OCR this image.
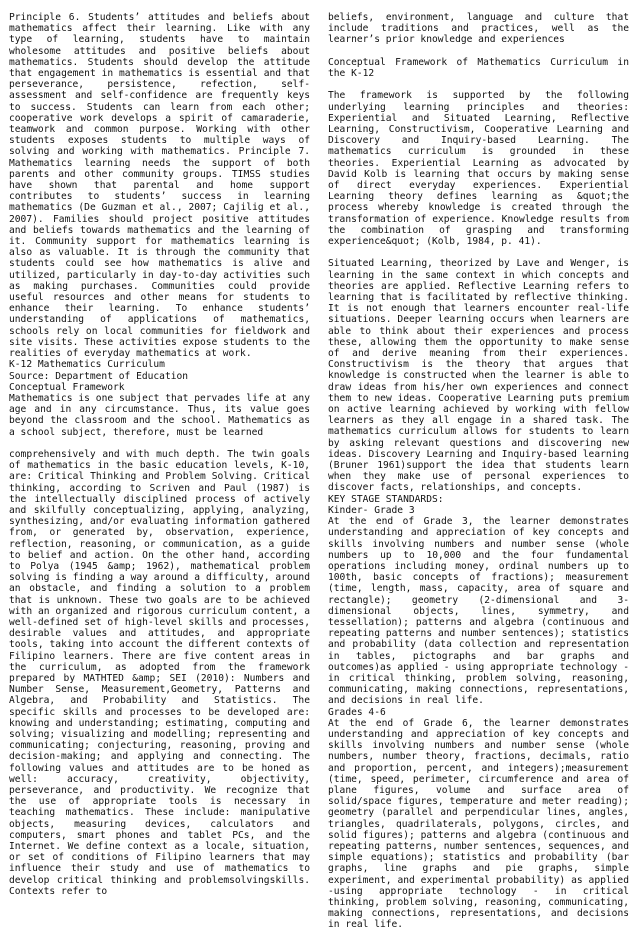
Principle 6. Students’ attitudes and beliefs about mathematics affect their learning. Like with any type of learning, students have to maintain wholesome attitudes and positive beliefs about mathematics. Students should develop the attitude that engagement in mathematics is essential and that perseverance, persistence, refection, self-assessment and self-confidence are frequently keys to success. Students can learn from each other; cooperative work develops a spirit of camaraderie, teamwork and common purpose. Working with other students exposes students to multiple ways of solving and working with mathematics. Principle 7. Mathematics learning needs the support of both parents and other community groups. TIMSS studies have shown that parental and home support contributes to students’ success in learning mathematics (De Guzman et al., 2007; Cajilig et al., 2007). Families should project positive attitudes and beliefs towards mathematics and the learning of it. Community support for mathematics learning is also as valuable. It is through the community that students could see how mathematics is alive and utilized, particularly in day-to-day activities such as making purchases. Communities could provide useful resources and other means for students to enhance their learning. To enhance students’ understanding of applications of mathematics, schools rely on local communities for fieldwork and site visits. These activities expose students to the realities of everyday mathematics at work.

K-12 Mathematics Curriculum

Source: Department of Education

Conceptual Framework

Mathematics is one subject that pervades life at any age and in any circumstance. Thus, its value goes beyond the classroom and the school. Mathematics as a school subject, therefore, must be learned

comprehensively and with much depth. The twin goals of mathematics in the basic education levels, K-10, are: Critical Thinking and Problem Solving. Critical thinking, according to Scriven and Paul (1987) is the intellectually disciplined process of actively and skilfully conceptualizing, applying, analyzing, synthesizing, and/or evaluating information gathered from, or generated by, observation, experience, reflection, reasoning, or communication, as a guide to belief and action. On the other hand, according to Polya (1945 &amp; 1962), mathematical problem solving is finding a way around a difficulty, around an obstacle, and finding a solution to a problem that is unknown. These two goals are to be achieved with an organized and rigorous curriculum content, a well-defined set of high-level skills and processes, desirable values and attitudes, and appropriate tools, taking into account the different contexts of Filipino learners. There are five content areas in the curriculum, as adopted from the framework prepared by MATHTED &amp; SEI (2010): Numbers and Number Sense, Measurement,Geometry, Patterns and Algebra, and Probability and Statistics. The specific skills and processes to be developed are: knowing and understanding; estimating, computing and solving; visualizing and modelling; representing and communicating; conjecturing, reasoning, proving and decision-making; and applying and connecting. The following values and attitudes are to be honed as well: accuracy, creativity, objectivity, perseverance, and productivity. We recognize that the use of appropriate tools is necessary in teaching mathematics. These include: manipulative objects, measuring devices, calculators and computers, smart phones and tablet PCs, and the Internet. We define context as a locale, situation, or set of conditions of Filipino learners that may influence their study and use of mathematics to develop critical thinking and problemsolvingskills. Contexts refer to

beliefs, environment, language and culture that include traditions and practices, well as the learner’s prior knowledge and experiences

Conceptual Framework of Mathematics Curriculum in the K-12

The framework is supported by the following underlying learning principles and theories: Experiential and Situated Learning, Reflective Learning, Constructivism, Cooperative Learning and Discovery and Inquiry-based Learning. The mathematics curriculum is grounded in these theories. Experiential Learning as advocated by David Kolb is learning that occurs by making sense of direct everyday experiences. Experiential Learning theory defines learning as &quot;the process whereby knowledge is created through the transformation of experience. Knowledge results from the combination of grasping and transforming experience&quot; (Kolb, 1984, p. 41).

Situated Learning, theorized by Lave and Wenger, is learning in the same context in which concepts and theories are applied. Reflective Learning refers to learning that is facilitated by reflective thinking. It is not enough that learners encounter real-life situations. Deeper learning occurs when learners are able to think about their experiences and process these, allowing them the opportunity to make sense of and derive meaning from their experiences. Constructivism is the theory that argues that knowledge is constructed when the learner is able to draw ideas from his/her own experiences and connect them to new ideas. Cooperative Learning puts premium on active learning achieved by working with fellow learners as they all engage in a shared task. The mathematics curriculum allows for students to learn by asking relevant questions and discovering new ideas. Discovery Learning and Inquiry-based learning (Bruner 1961)support the idea that students learn when they make use of personal experiences to discover facts, relationships, and concepts.

KEY STAGE STANDARDS:

Kinder- Grade 3

At the end of Grade 3, the learner demonstrates understanding and appreciation of key concepts and skills involving numbers and number sense (whole numbers up to 10,000 and the four fundamental operations including money, ordinal numbers up to 100th, basic concepts of fractions); measurement (time, length, mass, capacity, area of square and rectangle); geometry (2-dimensional and 3-dimensional objects, lines, symmetry, and tessellation); patterns and algebra (continuous and repeating patterns and number sentences); statistics and probability (data collection and representation in tables, pictographs and bar graphs and outcomes)as applied - using appropriate technology - in critical thinking, problem solving, reasoning, communicating, making connections, representations, and decisions in real life.

Grades 4-6

At the end of Grade 6, the learner demonstrates understanding and appreciation of key concepts and skills involving numbers and number sense (whole numbers, number theory, fractions, decimals, ratio and proportion, percent, and integers);measurement (time, speed, perimeter, circumference and area of plane figures, volume and surface area of solid/space figures, temperature and meter reading); geometry (parallel and perpendicular lines, angles, triangles, quadrilaterals, polygons, circles, and solid figures); patterns and algebra (continuous and repeating patterns, number sentences, sequences, and simple equations); statistics and probability (bar graphs, line graphs and pie graphs, simple experiment, and experimental probability) as applied -using appropriate technology - in critical thinking, problem solving, reasoning, communicating, making connections, representations, and decisions in real life.
